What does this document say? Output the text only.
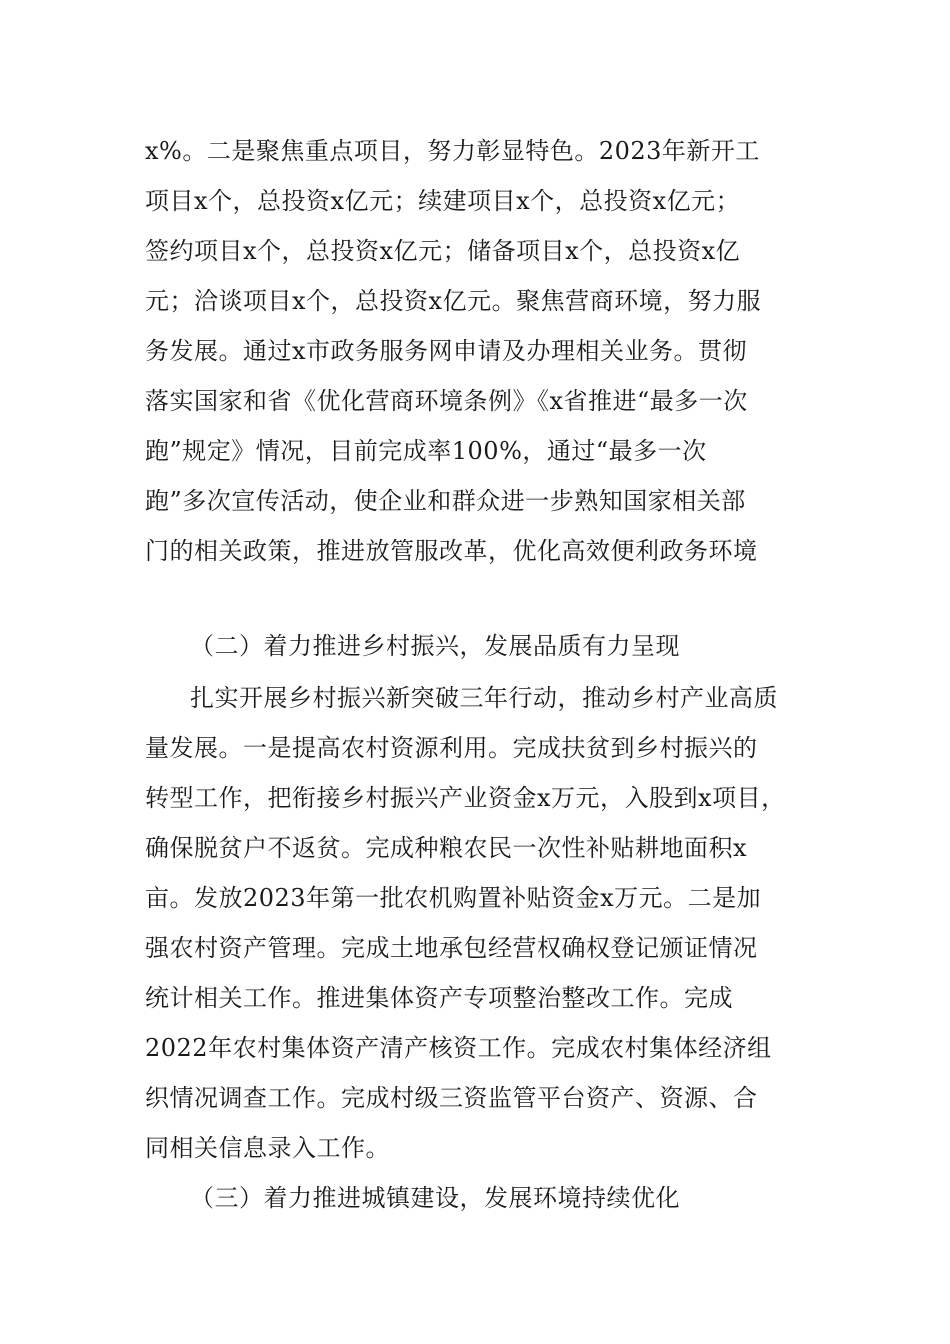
x%。二是聚焦重点项目，努力彰显特色。2023年新开工
项目x个，总投资x亿元；续建项目x个，总投资x亿元；
签约项目x个，总投资x亿元；储备项目x个，总投资x亿
元；洽谈项目x个，总投资x亿元。聚焦营商环境，努力服
务发展。通过x市政务服务网申请及办理相关业务。贯彻
落实国家和省《优化营商环境条例》《x省推进“最多一次
跑”规定》情况，目前完成率100%，通过“最多一次
跑”多次宣传活动，使企业和群众进一步熟知国家相关部
门的相关政策，推进放管服改革，优化高效便利政务环境
（二）着力推进乡村振兴，发展品质有力呈现
扎实开展乡村振兴新突破三年行动，推动乡村产业高质
量发展。一是提高农村资源利用。完成扶贫到乡村振兴的
转型工作，把衔接乡村振兴产业资金x万元，入股到x项目，
确保脱贫户不返贫。完成种粮农民一次性补贴耕地面积x
亩。发放2023年第一批农机购置补贴资金x万元。二是加
强农村资产管理。完成土地承包经营权确权登记颁证情况
统计相关工作。推进集体资产专项整治整改工作。完成
2022年农村集体资产清产核资工作。完成农村集体经济组
织情况调查工作。完成村级三资监管平台资产、资源、合
同相关信息录入工作。
（三）着力推进城镇建设，发展环境持续优化
